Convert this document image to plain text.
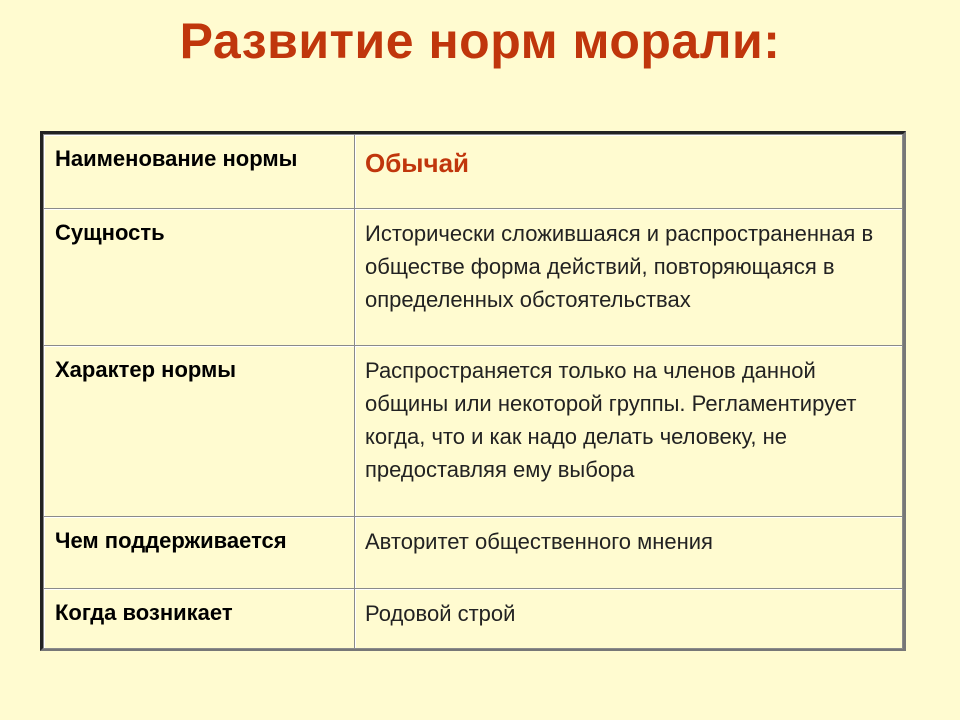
Развитие норм морали:
Наименование нормы	Обычай

Сущность	Исторически сложившаяся и распространенная в обществе форма действий, повторяющаяся в определенных обстоятельствах

Характер нормы	Распространяется только на членов данной общины или некоторой группы. Регламентирует когда, что и как надо делать человеку, не предоставляя ему выбора

Чем поддерживается	Авторитет общественного мнения

Когда возникает	Родовой строй
